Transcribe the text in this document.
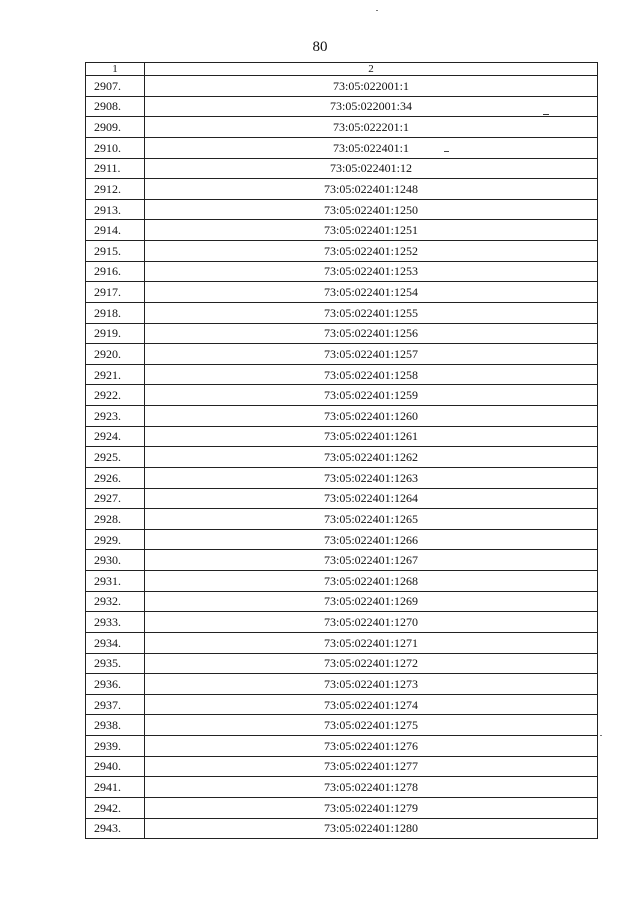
80
1	2
2907.	73:05:022001:1
2908.	73:05:022001:34
2909.	73:05:022201:1
2910.	73:05:022401:1
2911.	73:05:022401:12
2912.	73:05:022401:1248
2913.	73:05:022401:1250
2914.	73:05:022401:1251
2915.	73:05:022401:1252
2916.	73:05:022401:1253
2917.	73:05:022401:1254
2918.	73:05:022401:1255
2919.	73:05:022401:1256
2920.	73:05:022401:1257
2921.	73:05:022401:1258
2922.	73:05:022401:1259
2923.	73:05:022401:1260
2924.	73:05:022401:1261
2925.	73:05:022401:1262
2926.	73:05:022401:1263
2927.	73:05:022401:1264
2928.	73:05:022401:1265
2929.	73:05:022401:1266
2930.	73:05:022401:1267
2931.	73:05:022401:1268
2932.	73:05:022401:1269
2933.	73:05:022401:1270
2934.	73:05:022401:1271
2935.	73:05:022401:1272
2936.	73:05:022401:1273
2937.	73:05:022401:1274
2938.	73:05:022401:1275
2939.	73:05:022401:1276
2940.	73:05:022401:1277
2941.	73:05:022401:1278
2942.	73:05:022401:1279
2943.	73:05:022401:1280
